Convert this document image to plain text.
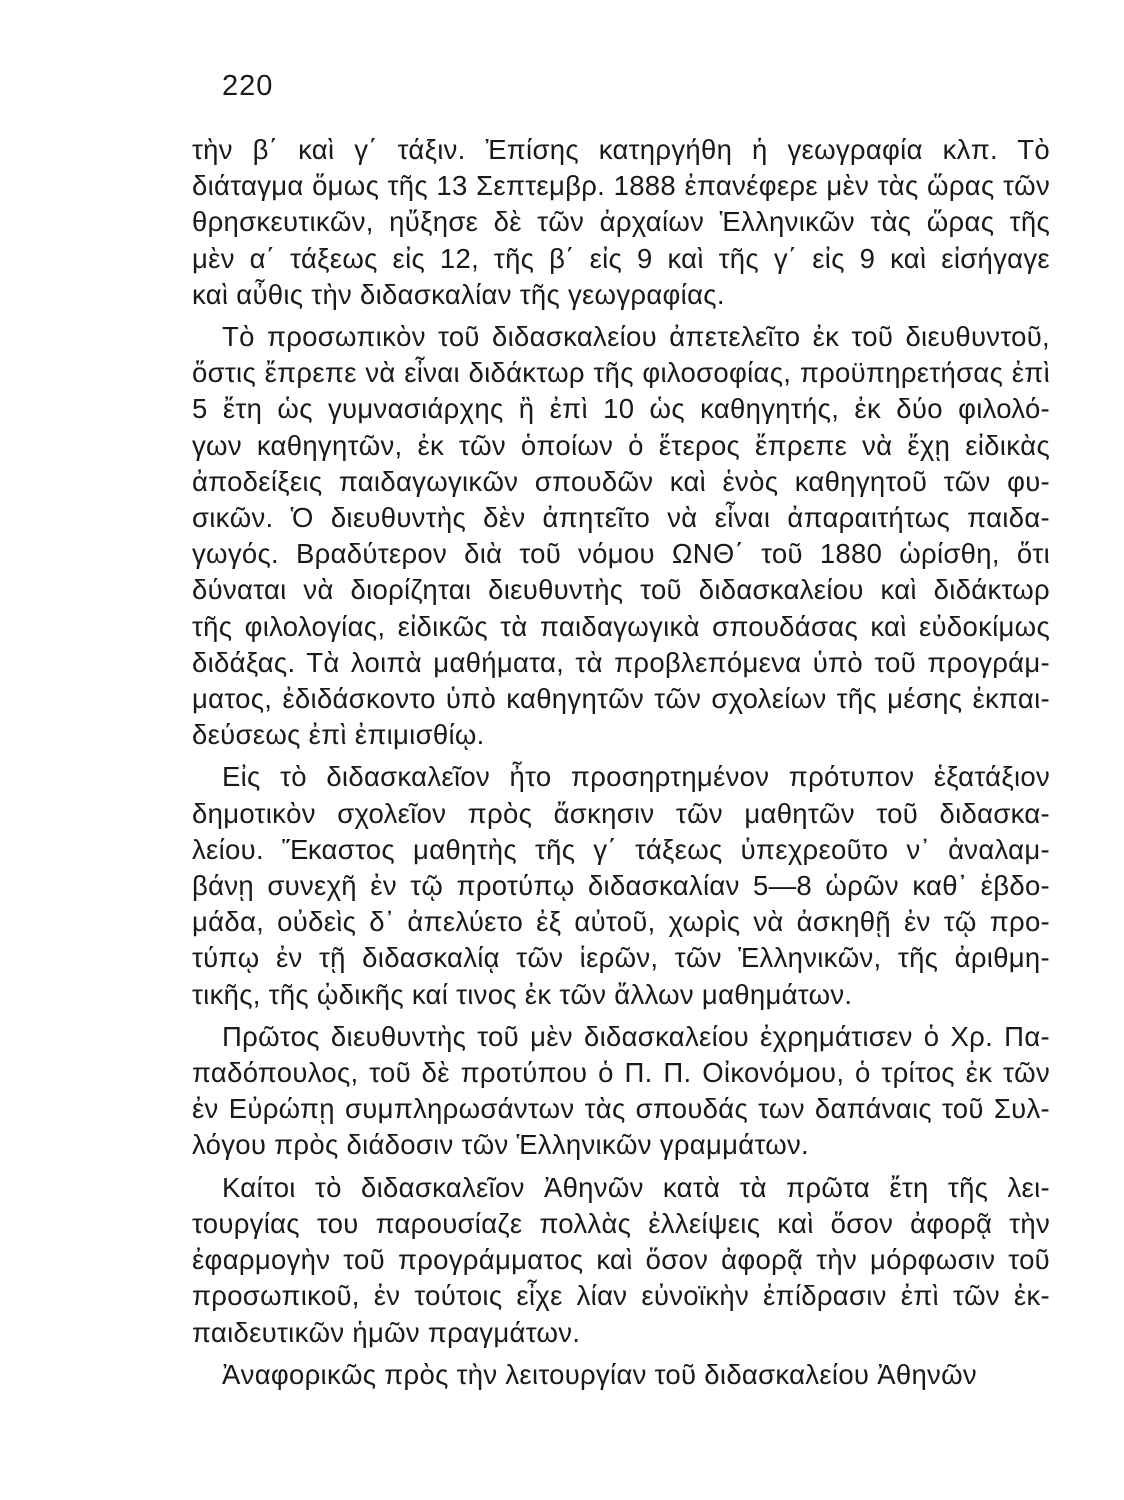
220
τὴν β΄ καὶ γ΄ τάξιν. Ἐπίσης κατηργήθη ἡ γεωγραφία κλπ. Τὸ
διάταγμα ὅμως τῆς 13 Σεπτεμβρ. 1888 ἐπανέφερε μὲν τὰς ὥρας τῶν
θρησκευτικῶν, ηὔξησε δὲ τῶν ἀρχαίων Ἑλληνικῶν τὰς ὥρας τῆς
μὲν α΄ τάξεως εἰς 12, τῆς β΄ εἰς 9 καὶ τῆς γ΄ εἰς 9 καὶ εἰσήγαγε
καὶ αὖθις τὴν διδασκαλίαν τῆς γεωγραφίας.
Τὸ προσωπικὸν τοῦ διδασκαλείου ἀπετελεῖτο ἐκ τοῦ διευθυντοῦ,
ὅστις ἔπρεπε νὰ εἶναι διδάκτωρ τῆς φιλοσοφίας, προϋπηρετήσας ἐπὶ
5 ἔτη ὡς γυμνασιάρχης ἢ ἐπὶ 10 ὡς καθηγητής, ἐκ δύο φιλολό-
γων καθηγητῶν, ἐκ τῶν ὁποίων ὁ ἕτερος ἔπρεπε νὰ ἔχῃ εἰδικὰς
ἀποδείξεις παιδαγωγικῶν σπουδῶν καὶ ἑνὸς καθηγητοῦ τῶν φυ-
σικῶν. Ὁ διευθυντὴς δὲν ἀπητεῖτο νὰ εἶναι ἀπαραιτήτως παιδα-
γωγός. Βραδύτερον διὰ τοῦ νόμου ΩΝΘ΄ τοῦ 1880 ὡρίσθη, ὅτι
δύναται νὰ διορίζηται διευθυντὴς τοῦ διδασκαλείου καὶ διδάκτωρ
τῆς φιλολογίας, εἰδικῶς τὰ παιδαγωγικὰ σπουδάσας καὶ εὐδοκίμως
διδάξας. Τὰ λοιπὰ μαθήματα, τὰ προβλεπόμενα ὑπὸ τοῦ προγράμ-
ματος, ἐδιδάσκοντο ὑπὸ καθηγητῶν τῶν σχολείων τῆς μέσης ἐκπαι-
δεύσεως ἐπὶ ἐπιμισθίῳ.
Εἰς τὸ διδασκαλεῖον ἦτο προσηρτημένον πρότυπον ἑξατάξιον
δημοτικὸν σχολεῖον πρὸς ἄσκησιν τῶν μαθητῶν τοῦ διδασκα-
λείου. Ἕκαστος μαθητὴς τῆς γ΄ τάξεως ὑπεχρεοῦτο ν᾽ ἀναλαμ-
βάνῃ συνεχῆ ἐν τῷ προτύπῳ διδασκαλίαν 5—8 ὡρῶν καθ᾽ ἑβδο-
μάδα, οὐδεὶς δ᾽ ἀπελύετο ἐξ αὐτοῦ, χωρὶς νὰ ἀσκηθῇ ἐν τῷ προ-
τύπῳ ἐν τῇ διδασκαλίᾳ τῶν ἱερῶν, τῶν Ἑλληνικῶν, τῆς ἀριθμη-
τικῆς, τῆς ᾠδικῆς καί τινος ἐκ τῶν ἄλλων μαθημάτων.
Πρῶτος διευθυντὴς τοῦ μὲν διδασκαλείου ἐχρημάτισεν ὁ Χρ. Πα-
παδόπουλος, τοῦ δὲ προτύπου ὁ Π. Π. Οἰκονόμου, ὁ τρίτος ἐκ τῶν
ἐν Εὐρώπῃ συμπληρωσάντων τὰς σπουδάς των δαπάναις τοῦ Συλ-
λόγου πρὸς διάδοσιν τῶν Ἑλληνικῶν γραμμάτων.
Καίτοι τὸ διδασκαλεῖον Ἀθηνῶν κατὰ τὰ πρῶτα ἔτη τῆς λει-
τουργίας του παρουσίαζε πολλὰς ἐλλείψεις καὶ ὅσον ἀφορᾷ τὴν
ἐφαρμογὴν τοῦ προγράμματος καὶ ὅσον ἀφορᾷ τὴν μόρφωσιν τοῦ
προσωπικοῦ, ἐν τούτοις εἶχε λίαν εὐνοϊκὴν ἐπίδρασιν ἐπὶ τῶν ἐκ-
παιδευτικῶν ἡμῶν πραγμάτων.
Ἀναφορικῶς πρὸς τὴν λειτουργίαν τοῦ διδασκαλείου Ἀθηνῶν
